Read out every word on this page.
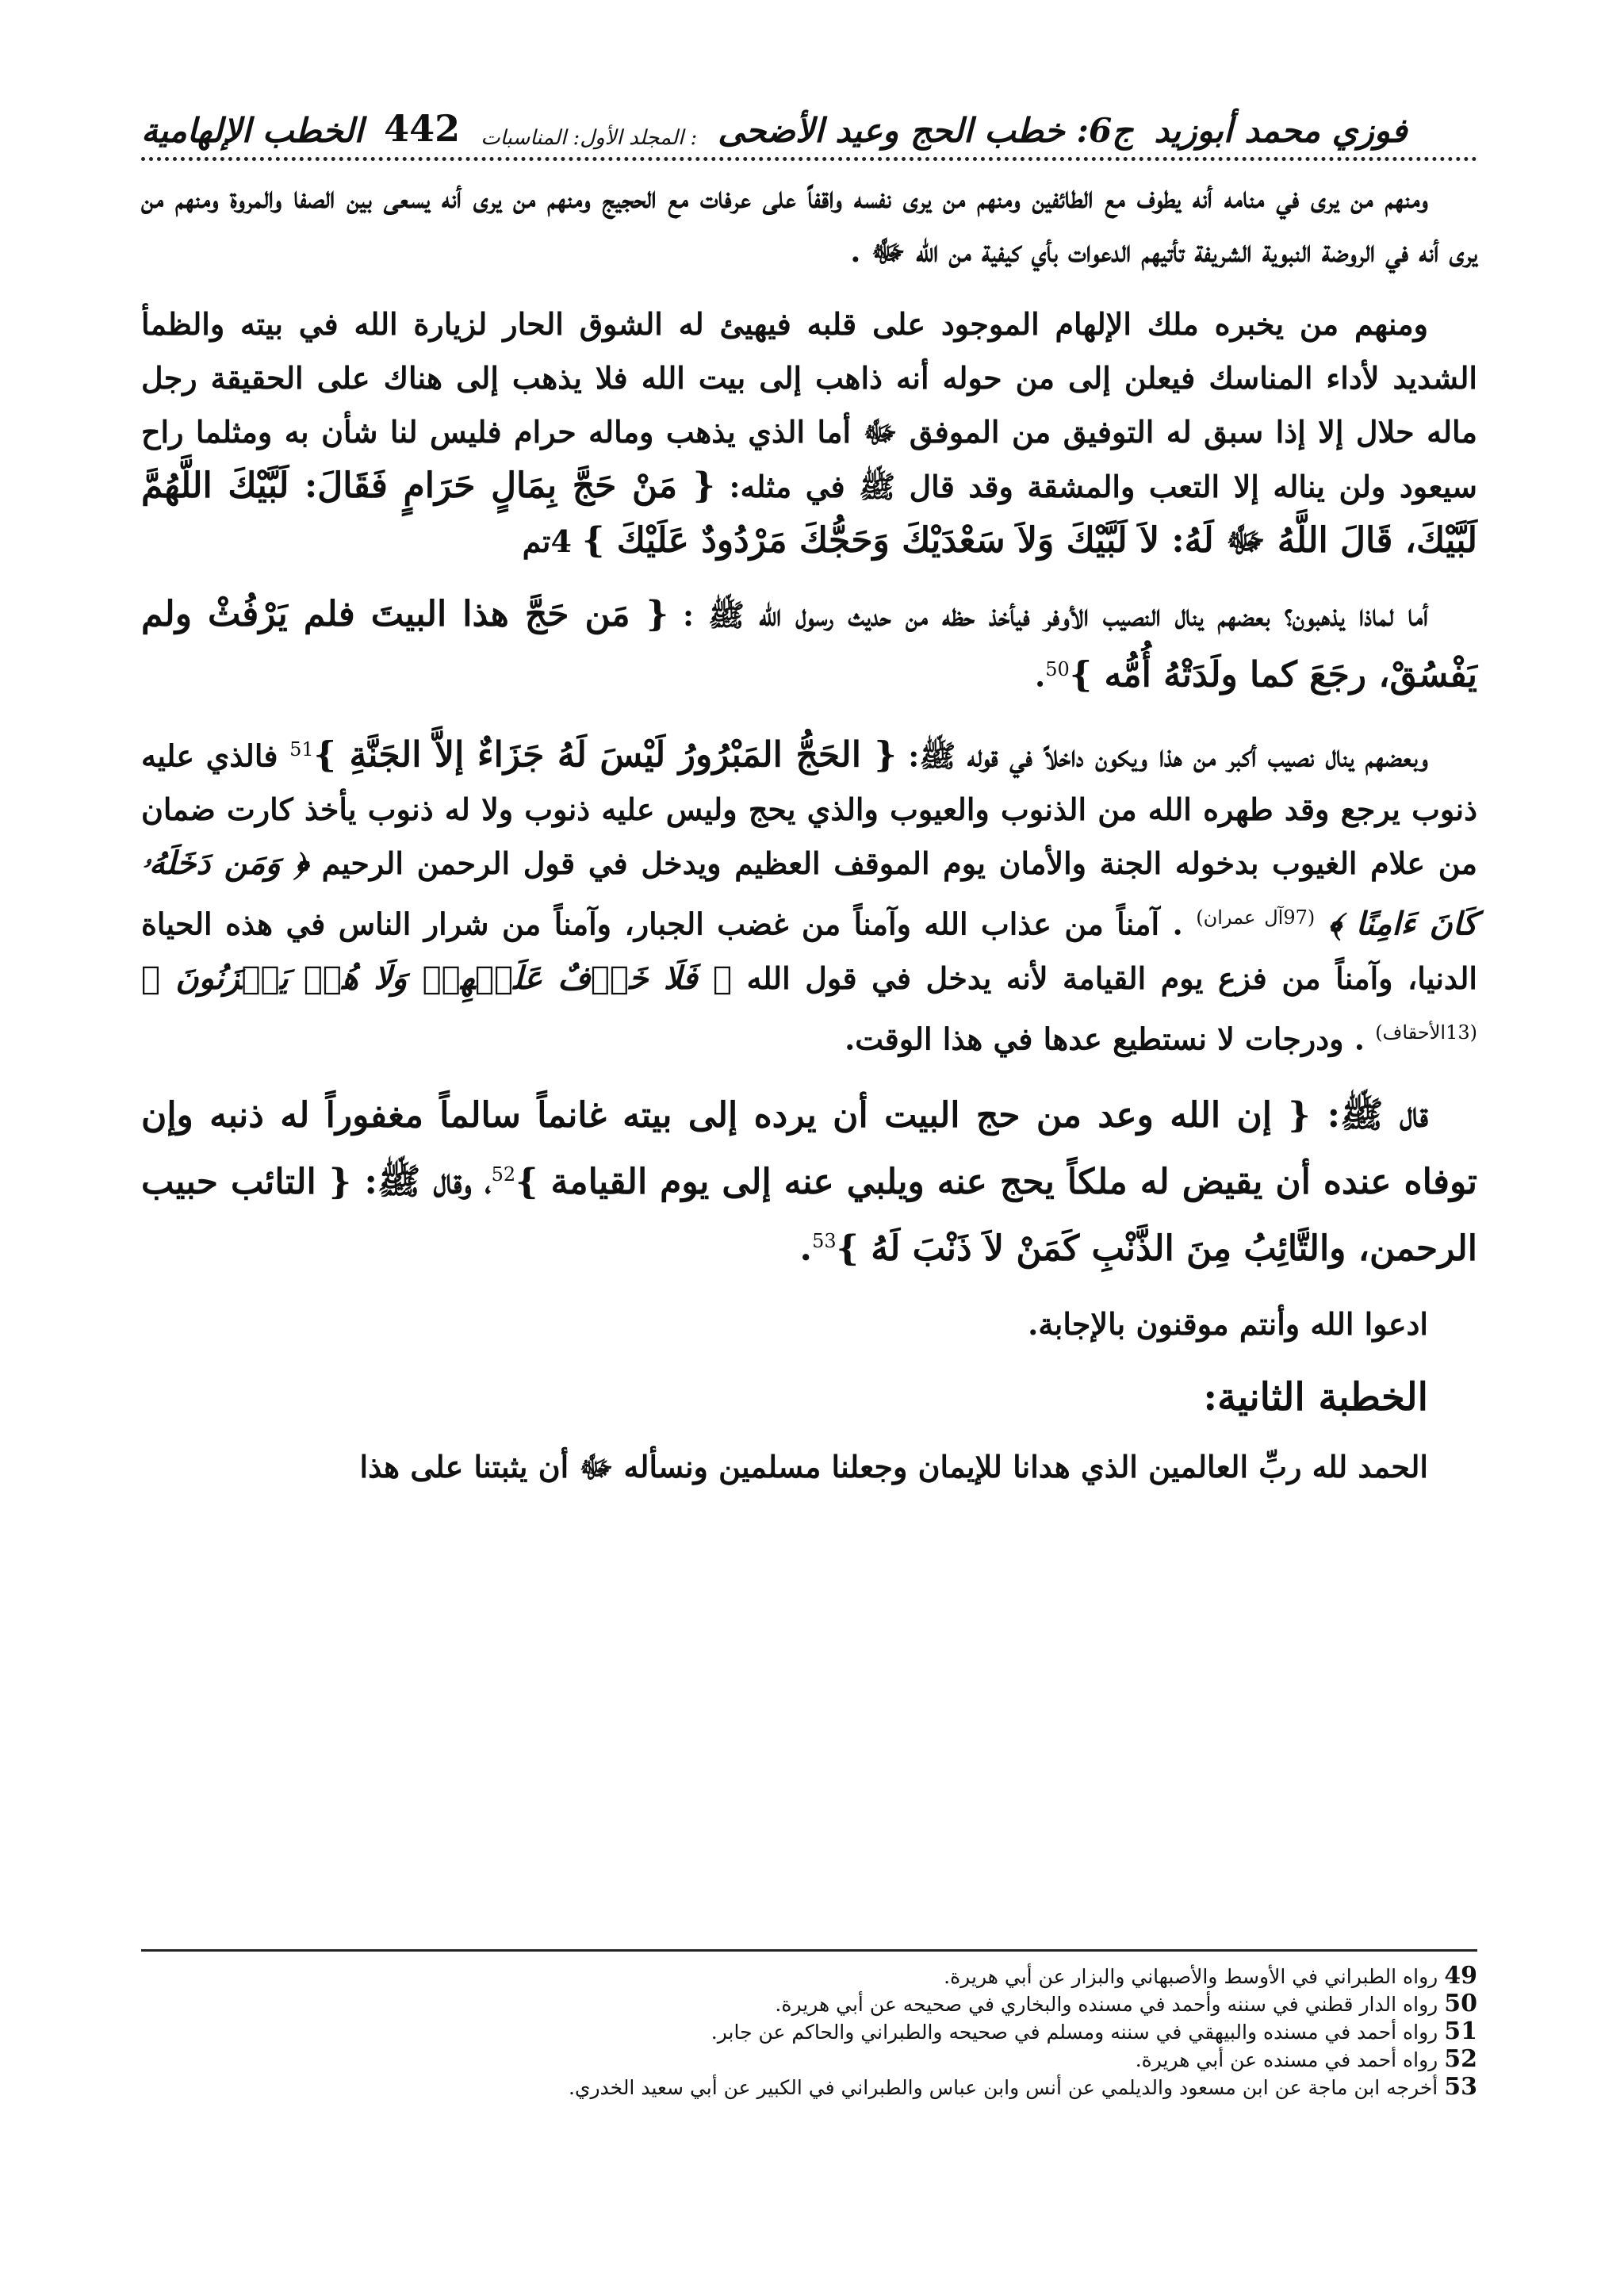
الخطب الإلهامية 442 المجلد الأول: المناسبات : ج6: خطب الحج وعيد الأضحى فوزي محمد أبوزيد

ومنهم من يرى في منامه أنه يطوف مع الطائفين ومنهم من يرى نفسه واقفاً على عرفات مع الحجيج ومنهم من يرى أنه يسعى بين الصفا والمروة ومنهم من يرى أنه في الروضة النبوية الشريفة تأتيهم الدعوات بأي كيفية من الله ﷻ .

ومنهم من يخبره ملك الإلهام الموجود على قلبه فيهيئ له الشوق الحار لزيارة الله في بيته والظمأ الشديد لأداء المناسك فيعلن إلى من حوله أنه ذاهب إلى بيت الله فلا يذهب إلى هناك على الحقيقة رجل ماله حلال إلا إذا سبق له التوفيق من الموفق ﷻ أما الذي يذهب وماله حرام فليس لنا شأن به ومثلما راح سيعود ولن يناله إلا التعب والمشقة وقد قال ﷺ في مثله: { مَنْ حَجَّ بِمَالٍ حَرَامٍ فَقَالَ: لَبَّيْكَ اللَّهُمَّ لَبَّيْكَ، قَالَ اللَّهُ ﷻ لَهُ: لاَ لَبَّيْكَ وَلاَ سَعْدَيْكَ وَحَجُّكَ مَرْدُودٌ عَلَيْكَ } 4تم

أما لماذا يذهبون؟ بعضهم ينال النصيب الأوفر فيأخذ حظه من حديث رسول الله ﷺ : { مَن حَجَّ هذا البيتَ فلم يَرْفُثْ ولم يَفْسُقْ، رجَعَ كما ولَدَتْهُ أُمُّه }$^{50}$.

وبعضهم ينال نصيب أكبر من هذا ويكون داخلاً في قوله ﷺ: { الحَجُّ المَبْرُورُ لَيْسَ لَهُ جَزَاءٌ إلاَّ الجَنَّةِ }$^{51}$ فالذي عليه ذنوب يرجع وقد طهره الله من الذنوب والعيوب والذي يحج وليس عليه ذنوب ولا له ذنوب يأخذ كارت ضمان من علام الغيوب بدخوله الجنة والأمان يوم الموقف العظيم ويدخل في قول الرحمن الرحيم ﴿ وَمَن دَخَلَهُۥ كَانَ ءَامِنًا ﴾ $^{(97آل عمران)}$ . آمناً من عذاب الله وآمناً من غضب الجبار، وآمناً من شرار الناس في هذه الحياة الدنيا، وآمناً من فزع يوم القيامة لأنه يدخل في قول الله ﴿ فَلَا خَوۡفٌ عَلَيۡهِمۡ وَلَا هُمۡ يَحۡزَنُونَ ﴾ $^{(13الأحقاف)}$ . ودرجات لا نستطيع عدها في هذا الوقت.

قال ﷺ: { إن الله وعد من حج البيت أن يرده إلى بيته غانماً سالماً مغفوراً له ذنبه وإن توفاه عنده أن يقيض له ملكاً يحج عنه ويلبي عنه إلى يوم القيامة }$^{52}$، وقال ﷺ: { التائب حبيب الرحمن، والتَّائِبُ مِنَ الذَّنْبِ كَمَنْ لاَ ذَنْبَ لَهُ }$^{53}$.

ادعوا الله وأنتم موقنون بالإجابة.

الخطبة الثانية:

الحمد لله ربِّ العالمين الذي هدانا للإيمان وجعلنا مسلمين ونسأله ﷻ أن يثبتنا على هذا

49رواه الطبراني في الأوسط والأصبهاني والبزار عن أبي هريرة.
50رواه الدار قطني في سننه وأحمد في مسنده والبخاري في صحيحه عن أبي هريرة.
51رواه أحمد في مسنده والبيهقي في سننه ومسلم في صحيحه والطبراني والحاكم عن جابر.
52رواه أحمد في مسنده عن أبي هريرة.
53أخرجه ابن ماجة عن ابن مسعود والديلمي عن أنس وابن عباس والطبراني في الكبير عن أبي سعيد الخدري.
